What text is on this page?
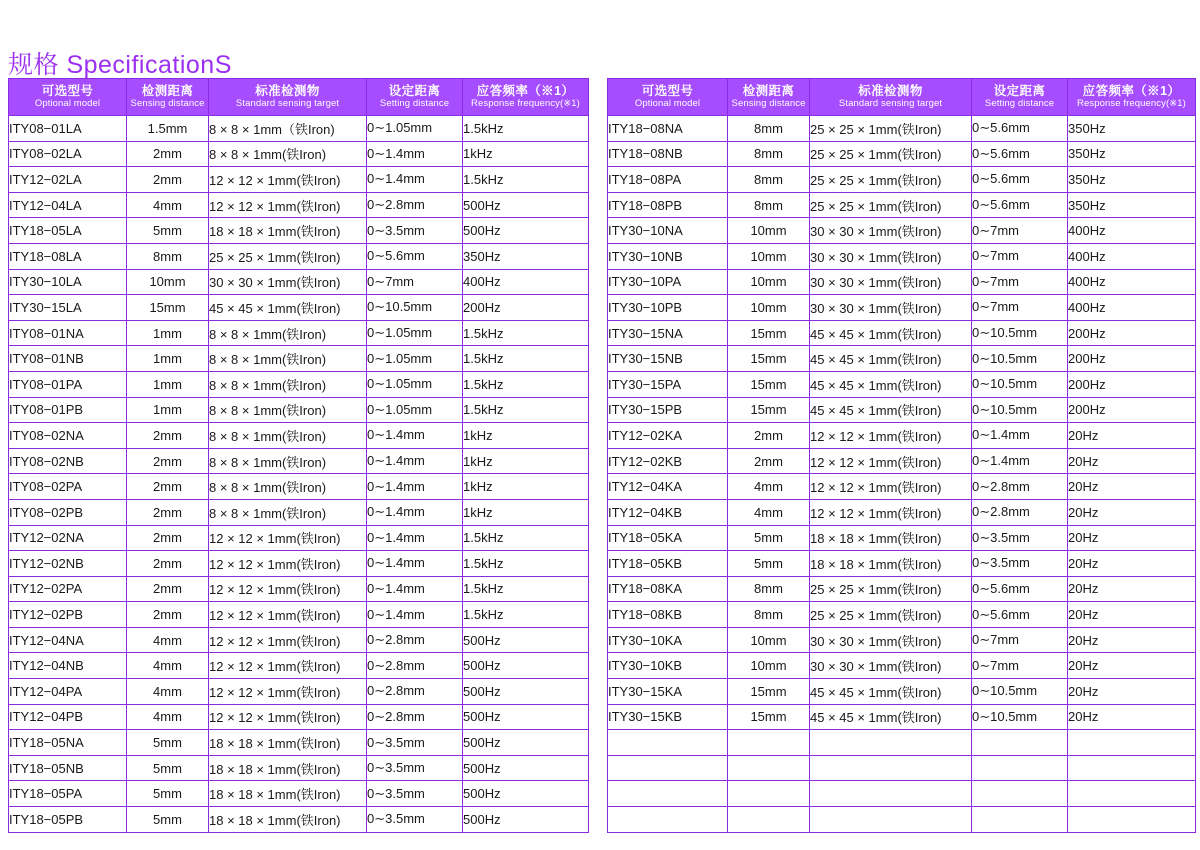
规格 SpecificationS
可选型号
Optional model	检测距离
Sensing distance	标准检测物
Standard sensing target	设定距离
Setting distance	应答频率（※1）
Response frequency(※1)

ITY08−01LA	1.5mm	8 × 8 × 1mm（铁Iron)	0∼1.05mm	1.5kHz
ITY08−02LA	2mm	8 × 8 × 1mm(铁Iron)	0∼1.4mm	1kHz
ITY12−02LA	2mm	12 × 12 × 1mm(铁Iron)	0∼1.4mm	1.5kHz
ITY12−04LA	4mm	12 × 12 × 1mm(铁Iron)	0∼2.8mm	500Hz
ITY18−05LA	5mm	18 × 18 × 1mm(铁Iron)	0∼3.5mm	500Hz
ITY18−08LA	8mm	25 × 25 × 1mm(铁Iron)	0∼5.6mm	350Hz
ITY30−10LA	10mm	30 × 30 × 1mm(铁Iron)	0∼7mm	400Hz
ITY30−15LA	15mm	45 × 45 × 1mm(铁Iron)	0∼10.5mm	200Hz
ITY08−01NA	1mm	8 × 8 × 1mm(铁Iron)	0∼1.05mm	1.5kHz
ITY08−01NB	1mm	8 × 8 × 1mm(铁Iron)	0∼1.05mm	1.5kHz
ITY08−01PA	1mm	8 × 8 × 1mm(铁Iron)	0∼1.05mm	1.5kHz
ITY08−01PB	1mm	8 × 8 × 1mm(铁Iron)	0∼1.05mm	1.5kHz
ITY08−02NA	2mm	8 × 8 × 1mm(铁Iron)	0∼1.4mm	1kHz
ITY08−02NB	2mm	8 × 8 × 1mm(铁Iron)	0∼1.4mm	1kHz
ITY08−02PA	2mm	8 × 8 × 1mm(铁Iron)	0∼1.4mm	1kHz
ITY08−02PB	2mm	8 × 8 × 1mm(铁Iron)	0∼1.4mm	1kHz
ITY12−02NA	2mm	12 × 12 × 1mm(铁Iron)	0∼1.4mm	1.5kHz
ITY12−02NB	2mm	12 × 12 × 1mm(铁Iron)	0∼1.4mm	1.5kHz
ITY12−02PA	2mm	12 × 12 × 1mm(铁Iron)	0∼1.4mm	1.5kHz
ITY12−02PB	2mm	12 × 12 × 1mm(铁Iron)	0∼1.4mm	1.5kHz
ITY12−04NA	4mm	12 × 12 × 1mm(铁Iron)	0∼2.8mm	500Hz
ITY12−04NB	4mm	12 × 12 × 1mm(铁Iron)	0∼2.8mm	500Hz
ITY12−04PA	4mm	12 × 12 × 1mm(铁Iron)	0∼2.8mm	500Hz
ITY12−04PB	4mm	12 × 12 × 1mm(铁Iron)	0∼2.8mm	500Hz
ITY18−05NA	5mm	18 × 18 × 1mm(铁Iron)	0∼3.5mm	500Hz
ITY18−05NB	5mm	18 × 18 × 1mm(铁Iron)	0∼3.5mm	500Hz
ITY18−05PA	5mm	18 × 18 × 1mm(铁Iron)	0∼3.5mm	500Hz
ITY18−05PB	5mm	18 × 18 × 1mm(铁Iron)	0∼3.5mm	500Hz
可选型号
Optional model	检测距离
Sensing distance	标准检测物
Standard sensing target	设定距离
Setting distance	应答频率（※1）
Response frequency(※1)

ITY18−08NA	8mm	25 × 25 × 1mm(铁Iron)	0∼5.6mm	350Hz
ITY18−08NB	8mm	25 × 25 × 1mm(铁Iron)	0∼5.6mm	350Hz
ITY18−08PA	8mm	25 × 25 × 1mm(铁Iron)	0∼5.6mm	350Hz
ITY18−08PB	8mm	25 × 25 × 1mm(铁Iron)	0∼5.6mm	350Hz
ITY30−10NA	10mm	30 × 30 × 1mm(铁Iron)	0∼7mm	400Hz
ITY30−10NB	10mm	30 × 30 × 1mm(铁Iron)	0∼7mm	400Hz
ITY30−10PA	10mm	30 × 30 × 1mm(铁Iron)	0∼7mm	400Hz
ITY30−10PB	10mm	30 × 30 × 1mm(铁Iron)	0∼7mm	400Hz
ITY30−15NA	15mm	45 × 45 × 1mm(铁Iron)	0∼10.5mm	200Hz
ITY30−15NB	15mm	45 × 45 × 1mm(铁Iron)	0∼10.5mm	200Hz
ITY30−15PA	15mm	45 × 45 × 1mm(铁Iron)	0∼10.5mm	200Hz
ITY30−15PB	15mm	45 × 45 × 1mm(铁Iron)	0∼10.5mm	200Hz
ITY12−02KA	2mm	12 × 12 × 1mm(铁Iron)	0∼1.4mm	20Hz
ITY12−02KB	2mm	12 × 12 × 1mm(铁Iron)	0∼1.4mm	20Hz
ITY12−04KA	4mm	12 × 12 × 1mm(铁Iron)	0∼2.8mm	20Hz
ITY12−04KB	4mm	12 × 12 × 1mm(铁Iron)	0∼2.8mm	20Hz
ITY18−05KA	5mm	18 × 18 × 1mm(铁Iron)	0∼3.5mm	20Hz
ITY18−05KB	5mm	18 × 18 × 1mm(铁Iron)	0∼3.5mm	20Hz
ITY18−08KA	8mm	25 × 25 × 1mm(铁Iron)	0∼5.6mm	20Hz
ITY18−08KB	8mm	25 × 25 × 1mm(铁Iron)	0∼5.6mm	20Hz
ITY30−10KA	10mm	30 × 30 × 1mm(铁Iron)	0∼7mm	20Hz
ITY30−10KB	10mm	30 × 30 × 1mm(铁Iron)	0∼7mm	20Hz
ITY30−15KA	15mm	45 × 45 × 1mm(铁Iron)	0∼10.5mm	20Hz
ITY30−15KB	15mm	45 × 45 × 1mm(铁Iron)	0∼10.5mm	20Hz
